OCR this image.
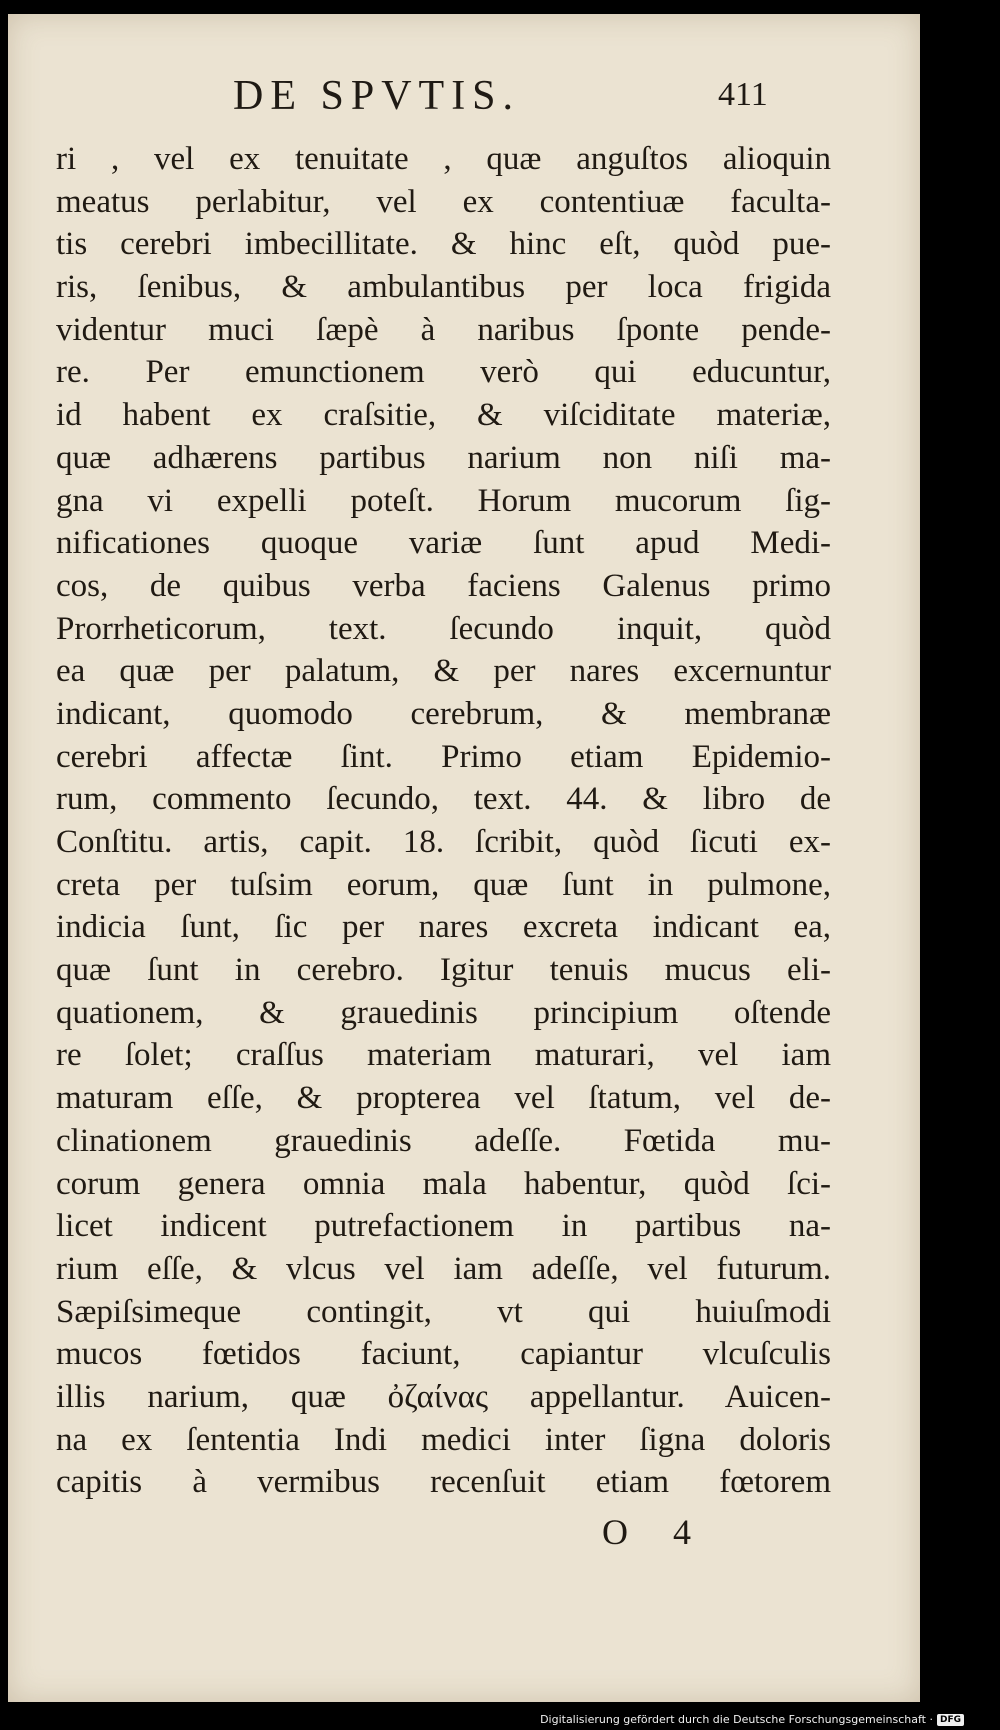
DE SPVTIS.	411
ri , vel ex tenuitate , quæ anguſtos alioquin
meatus perlabitur, vel ex contentiuæ faculta-
tis cerebri imbecillitate. & hinc eſt, quòd pue-
ris, ſenibus, & ambulantibus per loca frigida
videntur muci ſæpè à naribus ſponte pende-
re. Per emunctionem verò qui educuntur,
id habent ex craſsitie, & viſciditate materiæ,
quæ adhærens partibus narium non niſi ma-
gna vi expelli poteſt. Horum mucorum ſig-
nificationes quoque variæ ſunt apud Medi-
cos, de quibus verba faciens Galenus primo
Prorrheticorum, text. ſecundo inquit, quòd
ea quæ per palatum, & per nares excernuntur
indicant, quomodo cerebrum, & membranæ
cerebri affectæ ſint. Primo etiam Epidemio-
rum, commento ſecundo, text. 44. & libro de
Conſtitu. artis, capit. 18. ſcribit, quòd ſicuti ex-
creta per tuſsim eorum, quæ ſunt in pulmone,
indicia ſunt, ſic per nares excreta indicant ea,
quæ ſunt in cerebro. Igitur tenuis mucus eli-
quationem, & grauedinis principium oſtende
re ſolet; craſſus materiam maturari, vel iam
maturam eſſe, & propterea vel ſtatum, vel de-
clinationem grauedinis adeſſe. Fœtida mu-
corum genera omnia mala habentur, quòd ſci-
licet indicent putrefactionem in partibus na-
rium eſſe, & vlcus vel iam adeſſe, vel futurum.
Sæpiſsimeque contingit, vt qui huiuſmodi
mucos fœtidos faciunt, capiantur vlcuſculis
illis narium, quæ ὀζαίνας appellantur. Auicen-
na ex ſententia Indi medici inter ſigna doloris
capitis à vermibus recenſuit etiam fœtorem
O 4
Digitalisierung gefördert durch die Deutsche Forschungsgemeinschaft · DFG
